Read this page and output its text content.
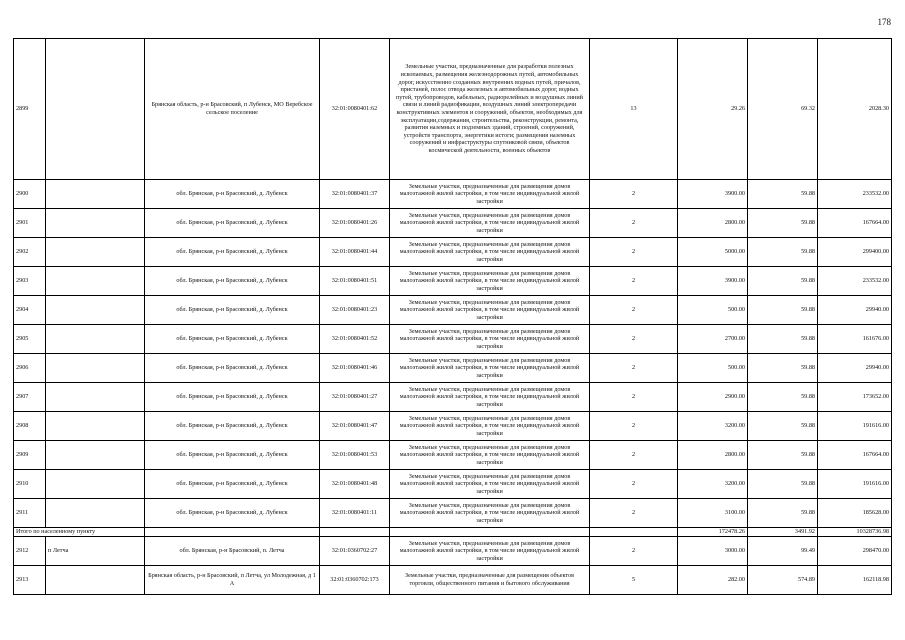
178
2899		Брянская область, р-н Брасовский, п Лубенск, МО Веребское сельское поселение	32:01:0080401:62	Земельные участки, предназначенные для разработки полезных ископаемых, размещения железнодорожных путей, автомобильных дорог, искусственно созданных внутренних водных путей, причалов, пристаней, полос отвода железных и автомобильных дорог, водных путей, трубопроводов, кабельных, радиорелейных и воздушных линий связи и линий радиофикации, воздушных линий электропередачи конструктивных элементов и сооружений, объектов, необходимых для эксплуатации,содержания, строительства, реконструкции, ремонта, развития наземных и подземных зданий, строений, сооружений, устройств транспорта, энергетики истоги; размещения наземных сооружений и инфраструктуры спутниковой связи, объектов космической деятельности, военных объектов	13	29.26	69.32	2028.30
2900		обл. Брянская, р-н Брасовский, д. Лубенск	32:01:0080401:37	Земельные участки, предназначенные для размещения домов малоэтажной жилой застройки, в том числе индивидуальной жилой застройки	2	3900.00	59.88	233532.00
2901		обл. Брянская, р-н Брасовский, д. Лубенск	32:01:0080401:26	Земельные участки, предназначенные для размещения домов малоэтажной жилой застройки, в том числе индивидуальной жилой застройки	2	2800.00	59.88	167664.00
2902		обл. Брянская, р-н Брасовский, д. Лубенск	32:01:0080401:44	Земельные участки, предназначенные для размещения домов малоэтажной жилой застройки, в том числе индивидуальной жилой застройки	2	5000.00	59.88	299400.00
2903		обл. Брянская, р-н Брасовский, д. Лубенск	32:01:0080401:51	Земельные участки, предназначенные для размещения домов малоэтажной жилой застройки, в том числе индивидуальной жилой застройки	2	3900.00	59.88	233532.00
2904		обл. Брянская, р-н Брасовский, д. Лубенск	32:01:0080401:23	Земельные участки, предназначенные для размещения домов малоэтажной жилой застройки, в том числе индивидуальной жилой застройки	2	500.00	59.88	29940.00
2905		обл. Брянская, р-н Брасовский, д. Лубенск	32:01:0080401:52	Земельные участки, предназначенные для размещения домов малоэтажной жилой застройки, в том числе индивидуальной жилой застройки	2	2700.00	59.88	161676.00
2906		обл. Брянская, р-н Брасовский, д. Лубенск	32:01:0080401:46	Земельные участки, предназначенные для размещения домов малоэтажной жилой застройки, в том числе индивидуальной жилой застройки	2	500.00	59.88	29940.00
2907		обл. Брянская, р-н Брасовский, д. Лубенск	32:01:0080401:27	Земельные участки, предназначенные для размещения домов малоэтажной жилой застройки, в том числе индивидуальной жилой застройки	2	2900.00	59.88	173652.00
2908		обл. Брянская, р-н Брасовский, д. Лубенск	32:01:0080401:47	Земельные участки, предназначенные для размещения домов малоэтажной жилой застройки, в том числе индивидуальной жилой застройки	2	3200.00	59.88	191616.00
2909		обл. Брянская, р-н Брасовский, д. Лубенск	32:01:0080401:53	Земельные участки, предназначенные для размещения домов малоэтажной жилой застройки, в том числе индивидуальной жилой застройки	2	2800.00	59.88	167664.00
2910		обл. Брянская, р-н Брасовский, д. Лубенск	32:01:0080401:48	Земельные участки, предназначенные для размещения домов малоэтажной жилой застройки, в том числе индивидуальной жилой застройки	2	3200.00	59.88	191616.00
2911		обл. Брянская, р-н Брасовский, д. Лубенск	32:01:0080401:11	Земельные участки, предназначенные для размещения домов малоэтажной жилой застройки, в том числе индивидуальной жилой застройки	2	3100.00	59.88	185628.00
Итого по населенному пункту						172478.26	3491.92	10328736.98
2912	п Летча	обл. Брянская, р-н Брасовский, п. Летча	32:01:0360702:27	Земельные участки, предназначенные для размещения домов малоэтажной жилой застройки, в том числе индивидуальной жилой застройки	2	3000.00	99.49	298470.00
2913		Брянская область, р-н Брасовский, п Летча, ул Молодежная, д 1 А	32:01:0360702:173	Земельные участки, предназначенные для размещения объектов торговли, общественного питания и бытового обслуживания	5	282.00	574.89	162118.98
